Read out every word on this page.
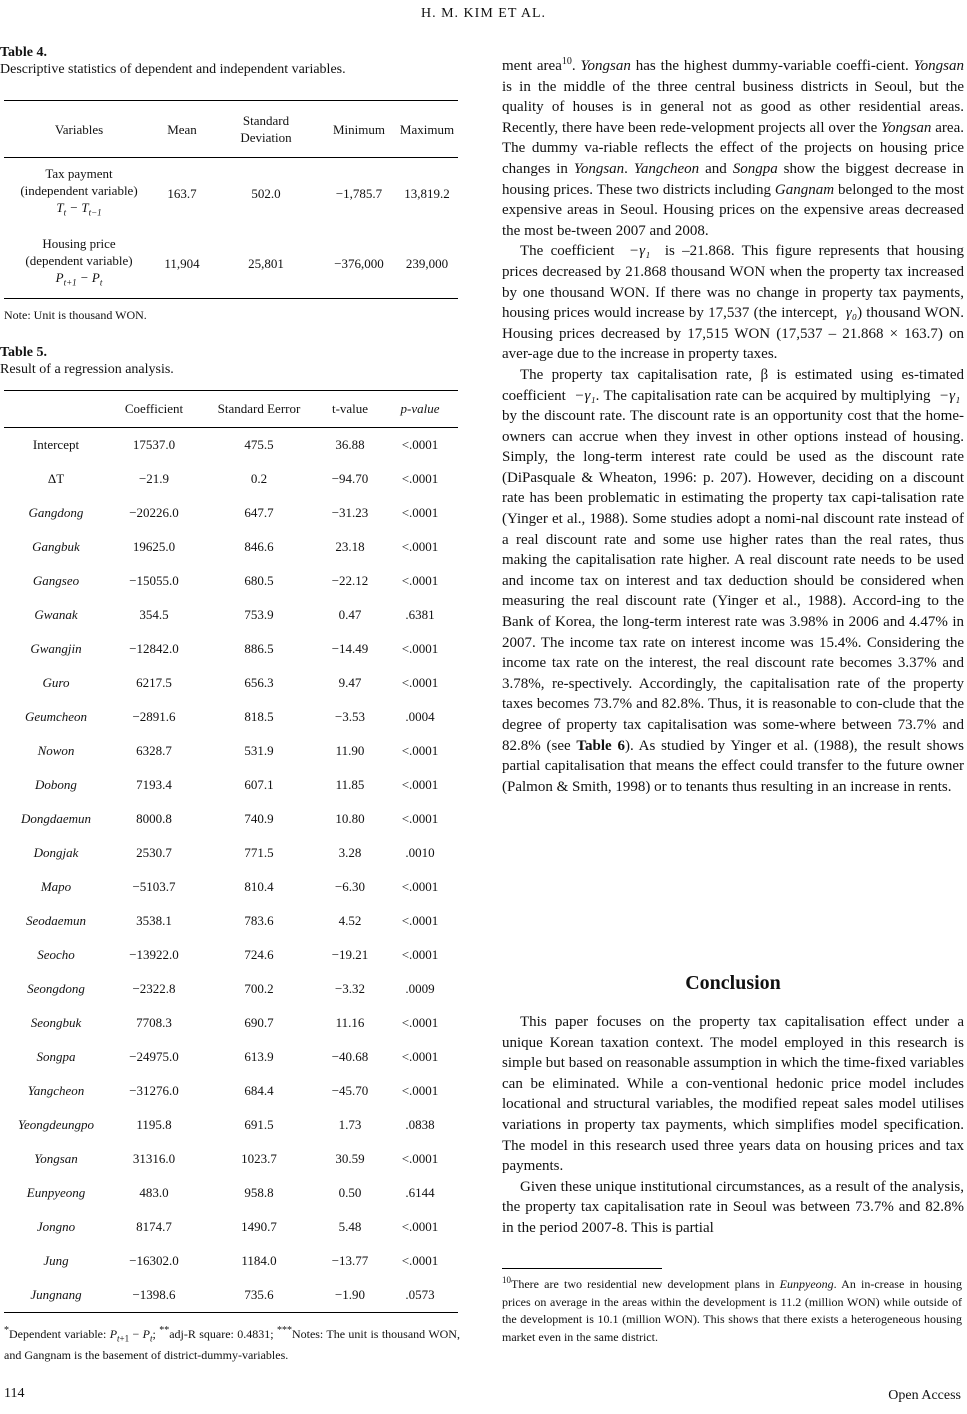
H. M. KIM ET AL.
Table 4.
Descriptive statistics of dependent and independent variables.
Variables	Mean	Standard Deviation	Minimum	Maximum

Tax payment
(independent variable)
$T_t - T_{t-1}$	163.7	502.0	−1,785.7	13,819.2

Housing price
(dependent variable)
$P_{t+1} - P_t$	11,904	25,801	−376,000	239,000
Note: Unit is thousand WON.
Table 5.
Result of a regression analysis.
	Coefficient	Standard Eerror	t-value	p-value
Intercept	17537.0	475.5	36.88	<.0001
ΔT	−21.9	0.2	−94.70	<.0001
Gangdong	−20226.0	647.7	−31.23	<.0001
Gangbuk	19625.0	846.6	23.18	<.0001
Gangseo	−15055.0	680.5	−22.12	<.0001
Gwanak	354.5	753.9	0.47	.6381
Gwangjin	−12842.0	886.5	−14.49	<.0001
Guro	6217.5	656.3	9.47	<.0001
Geumcheon	−2891.6	818.5	−3.53	.0004
Nowon	6328.7	531.9	11.90	<.0001
Dobong	7193.4	607.1	11.85	<.0001
Dongdaemun	8000.8	740.9	10.80	<.0001
Dongjak	2530.7	771.5	3.28	.0010
Mapo	−5103.7	810.4	−6.30	<.0001
Seodaemun	3538.1	783.6	4.52	<.0001
Seocho	−13922.0	724.6	−19.21	<.0001
Seongdong	−2322.8	700.2	−3.32	.0009
Seongbuk	7708.3	690.7	11.16	<.0001
Songpa	−24975.0	613.9	−40.68	<.0001
Yangcheon	−31276.0	684.4	−45.70	<.0001
Yeongdeungpo	1195.8	691.5	1.73	.0838
Yongsan	31316.0	1023.7	30.59	<.0001
Eunpyeong	483.0	958.8	0.50	.6144
Jongno	8174.7	1490.7	5.48	<.0001
Jung	−16302.0	1184.0	−13.77	<.0001
Jungnang	−1398.6	735.6	−1.90	.0573
*Dependent variable: $P_{t+1} - P_t$; **adj-R square: 0.4831; ***Notes: The unit is thousand WON, and Gangnam is the basement of district-dummy-variables.

ment area$^{10}$. Yongsan has the highest dummy-variable coeffi-cient. Yongsan is in the middle of the three central business districts in Seoul, but the quality of houses is in general not as good as other residential areas. Recently, there have been rede-velopment projects all over the Yongsan area. The dummy va-riable reflects the effect of the projects on housing price changes in Yongsan. Yangcheon and Songpa show the biggest decrease in housing prices. These two districts including Gangnam belonged to the most expensive areas in Seoul. Housing prices on the expensive areas decreased the most be-tween 2007 and 2008.

The coefficient −γ₁ is –21.868. This figure represents that housing prices decreased by 21.868 thousand WON when the property tax increased by one thousand WON. If there was no change in property tax payments, housing prices would increase by 17,537 (the intercept, γ₀) thousand WON. Housing prices decreased by 17,515 WON (17,537 – 21.868 × 163.7) on aver-age due to the increase in property taxes.

The property tax capitalisation rate, β is estimated using es-timated coefficient −γ₁. The capitalisation rate can be acquired by multiplying −γ₁  by the discount rate. The discount rate is an opportunity cost that the home-owners can accrue when they invest in other options instead of housing. Simply, the long-term interest rate could be used as the discount rate (DiPasquale & Wheaton, 1996: p. 207). However, deciding on a discount rate has been problematic in estimating the property tax capi-talisation rate (Yinger et al., 1988). Some studies adopt a nomi-nal discount rate instead of a real discount rate and some use higher rates than the real rates, thus making the capitalisation rate higher. A real discount rate needs to be used and income tax on interest and tax deduction should be considered when measuring the real discount rate (Yinger et al., 1988). Accord-ing to the Bank of Korea, the long-term interest rate was 3.98% in 2006 and 4.47% in 2007. The income tax rate on interest income was 15.4%. Considering the income tax rate on the interest, the real discount rate becomes 3.37% and 3.78%, re-spectively. Accordingly, the capitalisation rate of the property taxes becomes 73.7% and 82.8%. Thus, it is reasonable to con-clude that the degree of property tax capitalisation was some-where between 73.7% and 82.8% (see Table 6). As studied by Yinger et al. (1988), the result shows partial capitalisation that means the effect could transfer to the future owner (Palmon & Smith, 1998) or to tenants thus resulting in an increase in rents.

Conclusion

This paper focuses on the property tax capitalisation effect under a unique Korean taxation context. The model employed in this research is simple but based on reasonable assumption in which the time-fixed variables can be eliminated. While a con-ventional hedonic price model includes locational and structural variables, the modified repeat sales model utilises variations in property tax payments, which simplifies model specification. The model in this research used three years data on housing prices and tax payments.

Given these unique institutional circumstances, as a result of the analysis, the property tax capitalisation rate in Seoul was between 73.7% and 82.8% in the period 2007-8. This is partial

$^{10}$There are two residential new development plans in Eunpyeong. An in-crease in housing prices on average in the areas within the development is 11.2 (million WON) while outside of the development is 10.1 (million WON). This shows that there exists a heterogeneous housing market even in the same district.
114	Open Access
